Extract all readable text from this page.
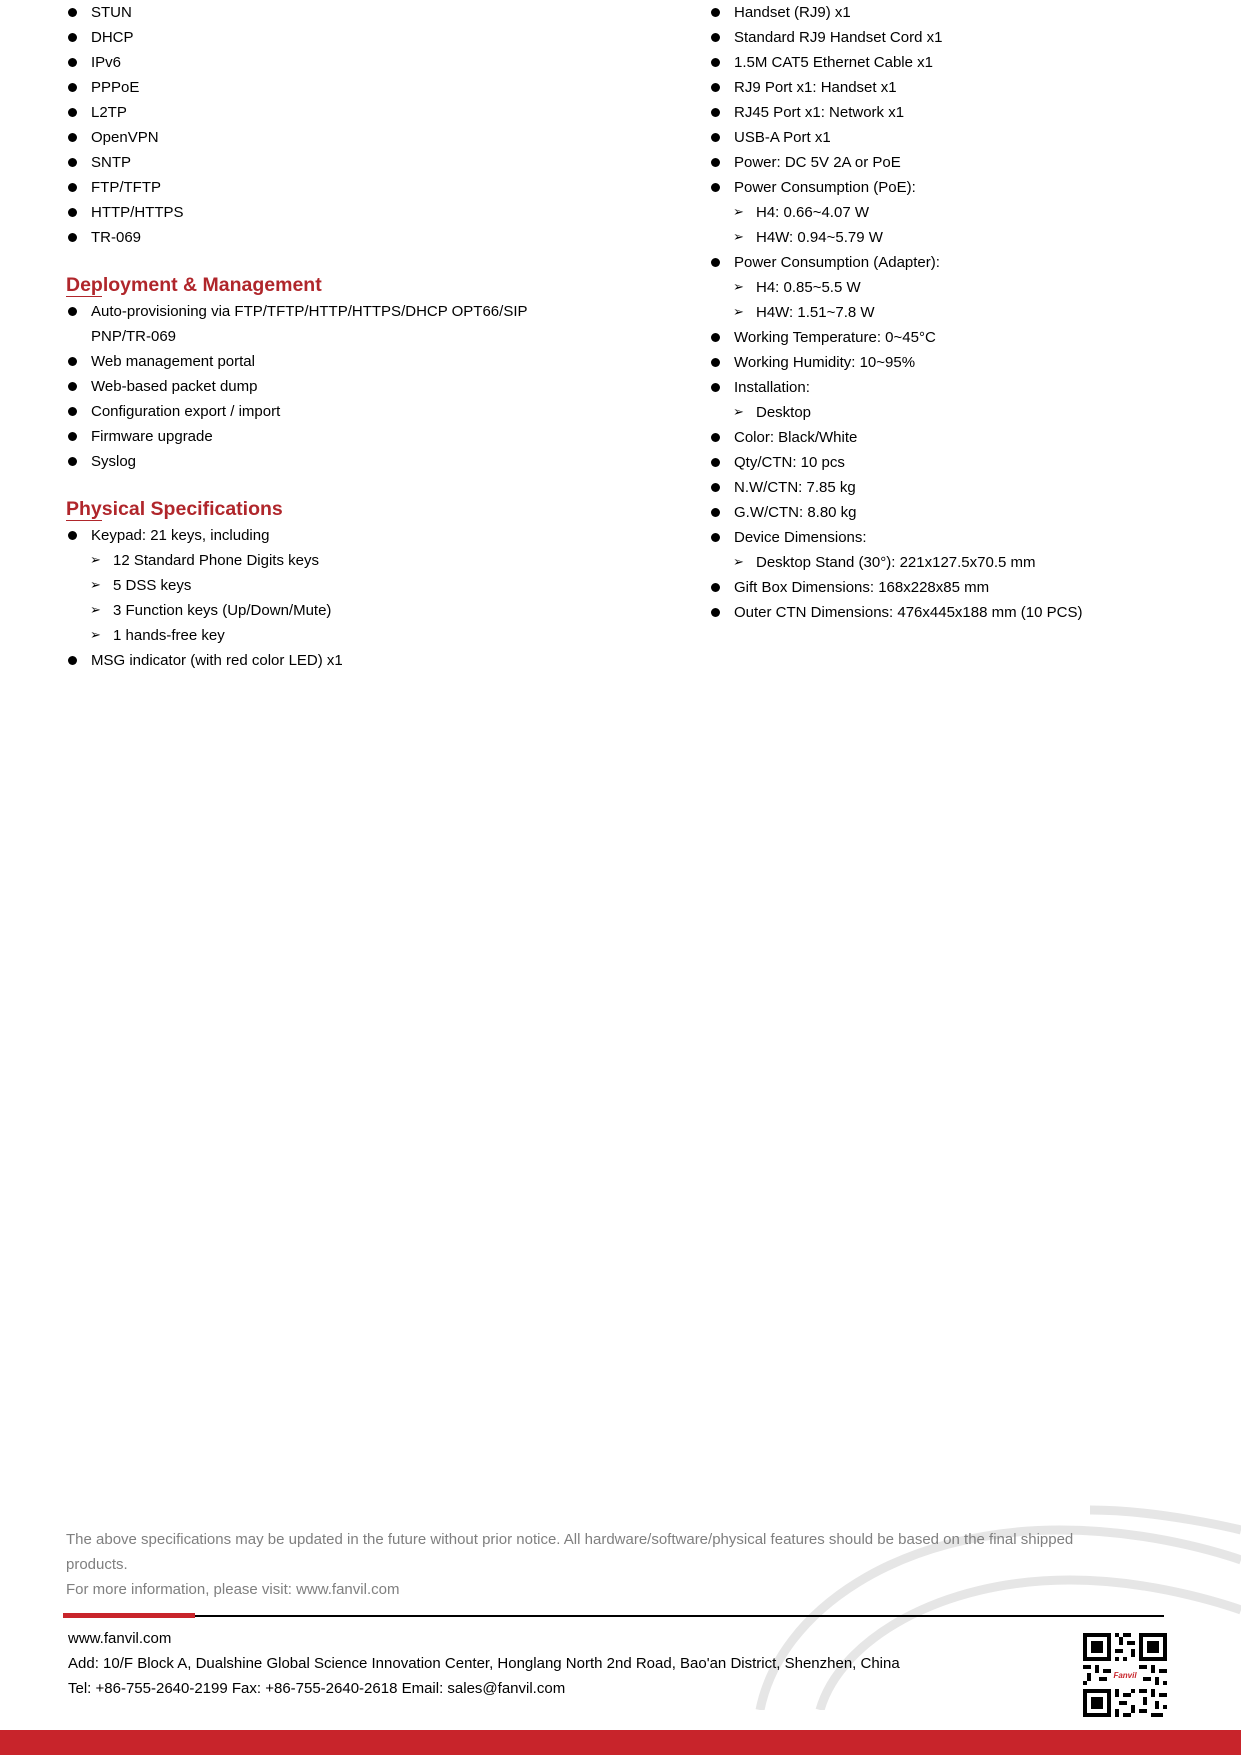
STUN
DHCP
IPv6
PPPoE
L2TP
OpenVPN
SNTP
FTP/TFTP
HTTP/HTTPS
TR-069
Deployment & Management
Auto-provisioning via FTP/TFTP/HTTP/HTTPS/DHCP OPT66/SIP PNP/TR-069
Web management portal
Web-based packet dump
Configuration export / import
Firmware upgrade
Syslog
Physical Specifications
Keypad: 21 keys, including
➢ 12 Standard Phone Digits keys
➢ 5 DSS keys
➢ 3 Function keys (Up/Down/Mute)
➢ 1 hands-free key
MSG indicator (with red color LED) x1
Handset (RJ9) x1
Standard RJ9 Handset Cord x1
1.5M CAT5 Ethernet Cable x1
RJ9 Port x1: Handset x1
RJ45 Port x1: Network x1
USB-A Port x1
Power: DC 5V 2A or PoE
Power Consumption (PoE):
➢ H4: 0.66~4.07 W
➢ H4W: 0.94~5.79 W
Power Consumption (Adapter):
➢ H4: 0.85~5.5 W
➢ H4W: 1.51~7.8 W
Working Temperature: 0~45°C
Working Humidity: 10~95%
Installation:
➢ Desktop
Color: Black/White
Qty/CTN: 10 pcs
N.W/CTN: 7.85 kg
G.W/CTN: 8.80 kg
Device Dimensions:
➢ Desktop Stand (30°): 221x127.5x70.5 mm
Gift Box Dimensions: 168x228x85 mm
Outer CTN Dimensions: 476x445x188 mm (10 PCS)
The above specifications may be updated in the future without prior notice. All hardware/software/physical features should be based on the final shipped products.
For more information, please visit: www.fanvil.com
www.fanvil.com
Add: 10/F Block A, Dualshine Global Science Innovation Center, Honglang North 2nd Road, Bao'an District, Shenzhen, China
Tel: +86-755-2640-2199 Fax: +86-755-2640-2618 Email: sales@fanvil.com
Fanvil
